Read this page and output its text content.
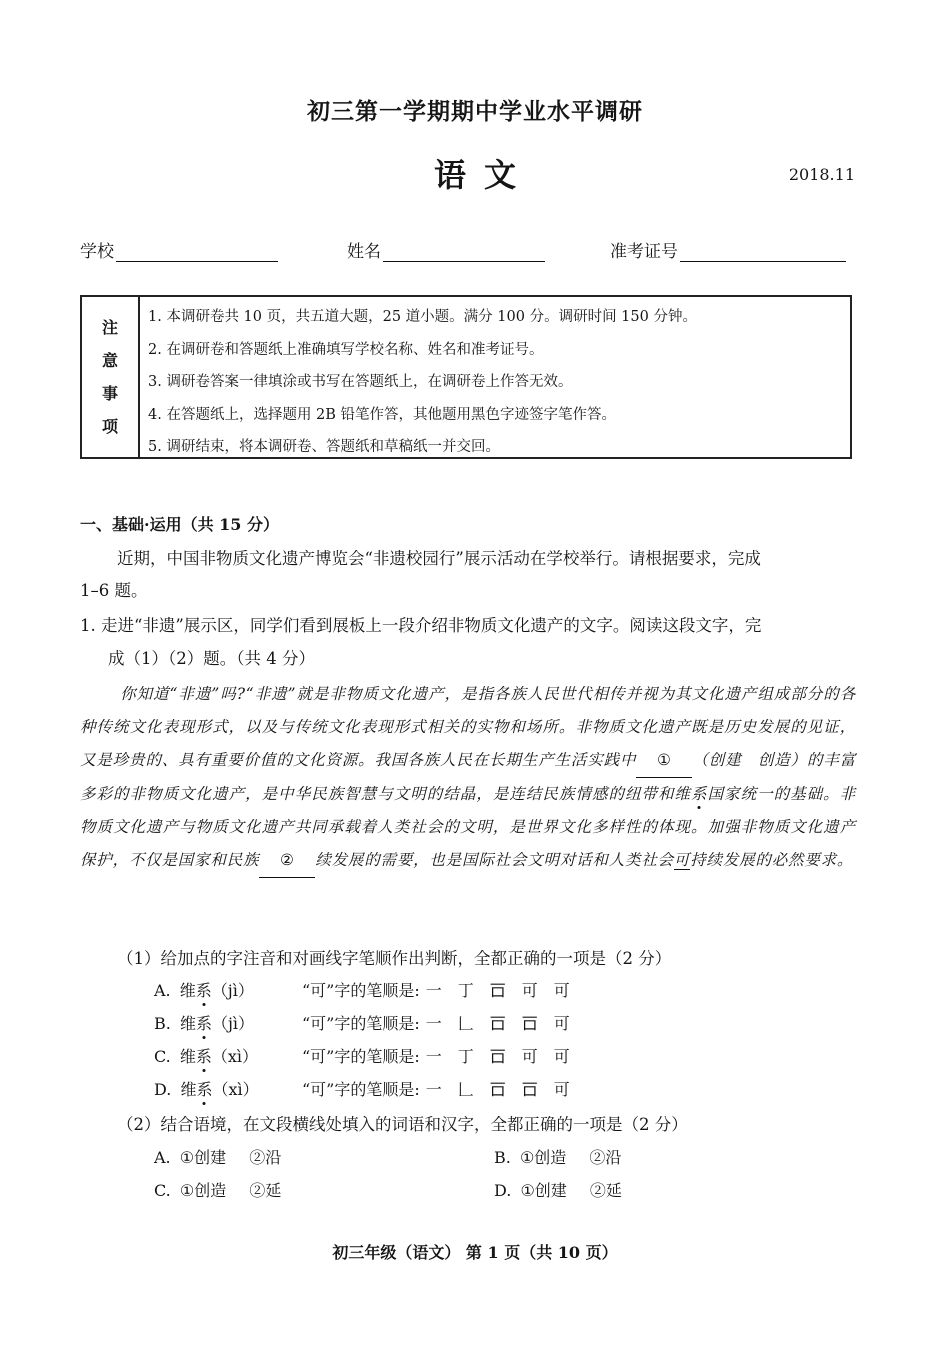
初三第一学期期中学业水平调研
语文	2018.11
学校	姓名	准考证号
注
意
事
项
1. 本调研卷共 10 页，共五道大题，25 道小题。满分 100 分。调研时间 150 分钟。
2. 在调研卷和答题纸上准确填写学校名称、姓名和准考证号。
3. 调研卷答案一律填涂或书写在答题纸上，在调研卷上作答无效。
4. 在答题纸上，选择题用 2B 铅笔作答，其他题用黑色字迹签字笔作答。
5. 调研结束，将本调研卷、答题纸和草稿纸一并交回。
一、基础·运用（共 15 分）
近期，中国非物质文化遗产博览会“非遗校园行”展示活动在学校举行。请根据要求，完成
1–6 题。
1. 走进“非遗”展示区，同学们看到展板上一段介绍非物质文化遗产的文字。阅读这段文字，完
成（1）（2）题。（共 4 分）
你知道“非遗”吗?“非遗”就是非物质文化遗产，是指各族人民世代相传并视为其文化遗产组成部分的各种传统文化表现形式，以及与传统文化表现形式相关的实物和场所。非物质文化遗产既是历史发展的见证，又是珍贵的、具有重要价值的文化资源。我国各族人民在长期生产生活实践中 ① （创建　创造）的丰富多彩的非物质文化遗产，是中华民族智慧与文明的结晶，是连结民族情感的纽带和维系国家统一的基础。非物质文化遗产与物质文化遗产共同承载着人类社会的文明，是世界文化多样性的体现。加强非物质文化遗产保护，不仅是国家和民族 ② 续发展的需要，也是国际社会文明对话和人类社会可持续发展的必然要求。
（1）给加点的字注音和对画线字笔顺作出判断，全都正确的一项是（2 分）
A. 维系（jì）	“可”字的笔顺是: 一　丁　𠮛　可　可
B. 维系（jì）	“可”字的笔顺是: 一　𠃊　𠮛　𠮛　可
C. 维系（xì）	“可”字的笔顺是: 一　丁　𠮛　可　可
D. 维系（xì）	“可”字的笔顺是: 一　𠃊　𠮛　𠮛　可
（2）结合语境，在文段横线处填入的词语和汉字，全都正确的一项是（2 分）
A. ①创建 ②沿	B. ①创造 ②沿
C. ①创造 ②延	D. ①创建 ②延
初三年级（语文） 第 1 页（共 10 页）
